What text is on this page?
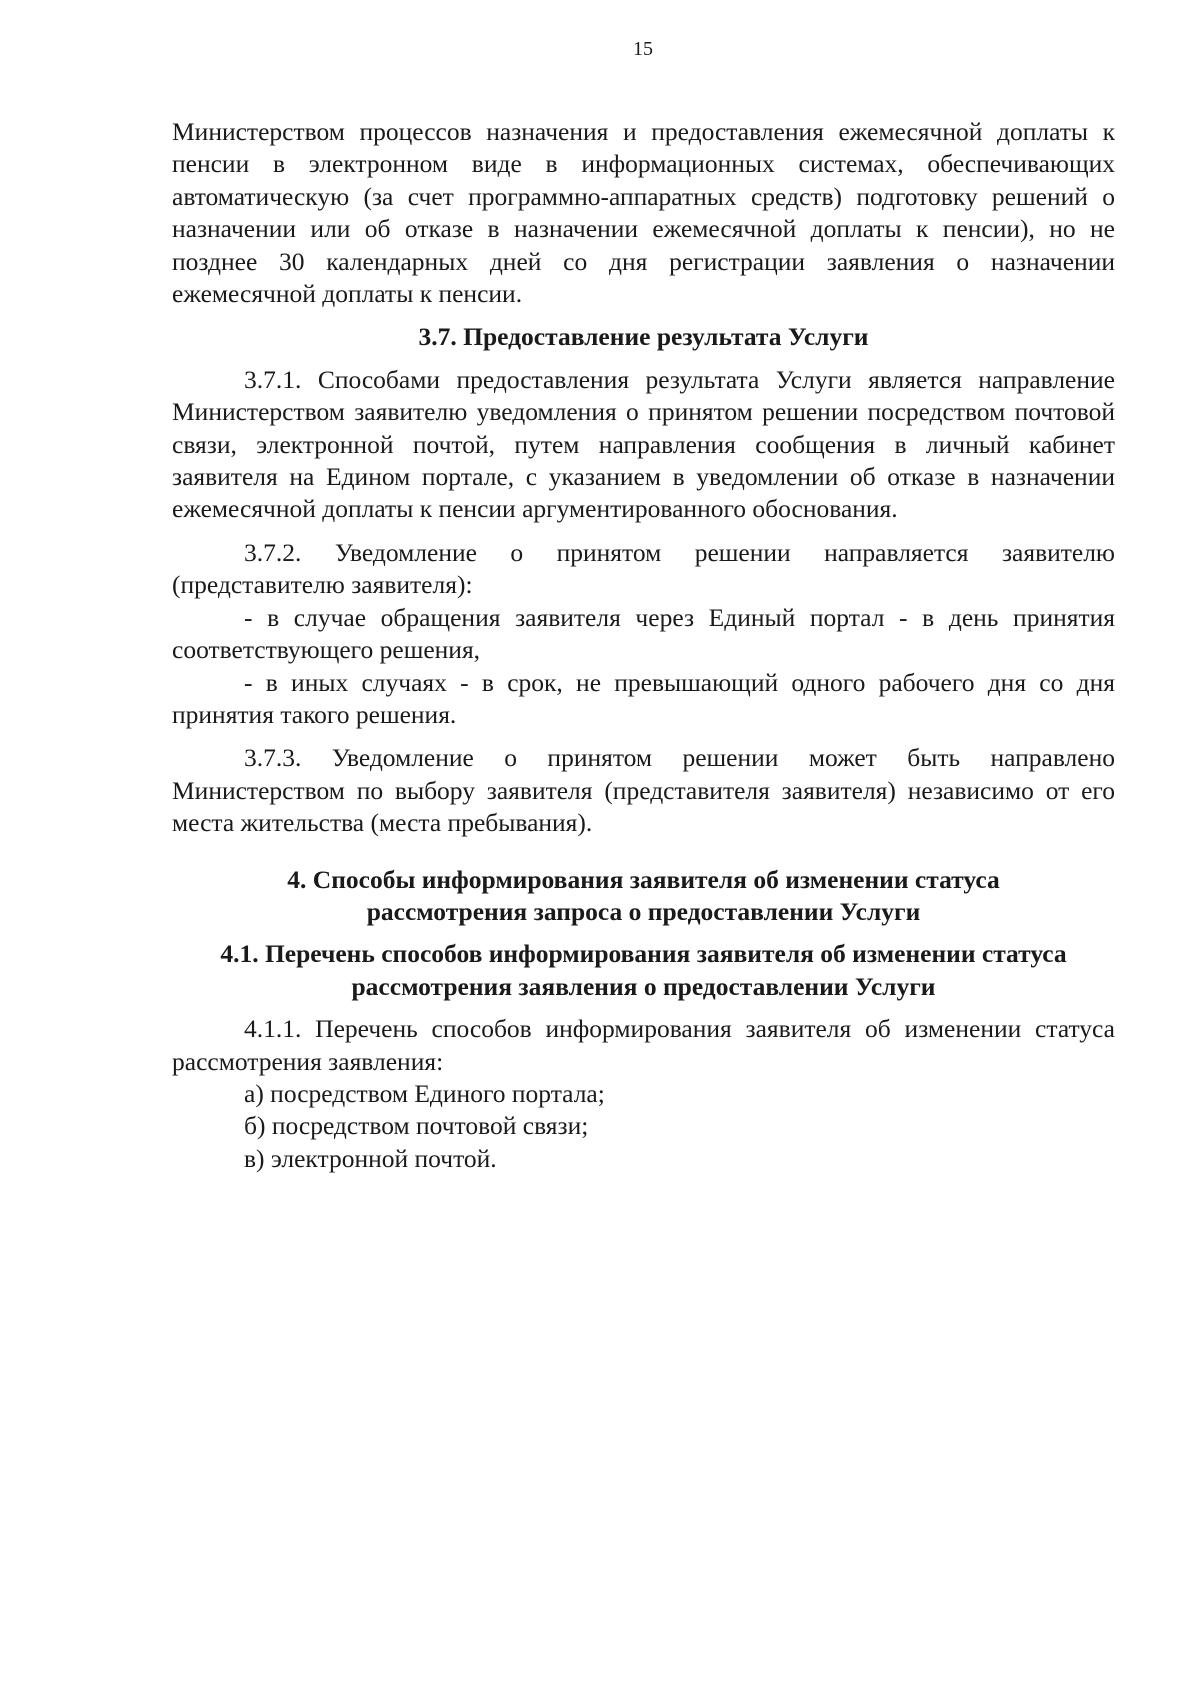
15

Министерством процессов назначения и предоставления ежемесячной доплаты к пенсии в электронном виде в информационных системах, обеспечивающих автоматическую (за счет программно-аппаратных средств) подготовку решений о назначении или об отказе в назначении ежемесячной доплаты к пенсии), но не позднее 30 календарных дней со дня регистрации заявления о назначении ежемесячной доплаты к пенсии.

3.7. Предоставление результата Услуги

3.7.1. Способами предоставления результата Услуги является направление Министерством заявителю уведомления о принятом решении посредством почтовой связи, электронной почтой, путем направления сообщения в личный кабинет заявителя на Едином портале, с указанием в уведомлении об отказе в назначении ежемесячной доплаты к пенсии аргументированного обоснования.

3.7.2. Уведомление о принятом решении направляется заявителю (представителю заявителя):

- в случае обращения заявителя через Единый портал - в день принятия соответствующего решения,

- в иных случаях - в срок, не превышающий одного рабочего дня со дня принятия такого решения.

3.7.3. Уведомление о принятом решении может быть направлено Министерством по выбору заявителя (представителя заявителя) независимо от его места жительства (места пребывания).

4. Способы информирования заявителя об изменении статуса
рассмотрения запроса о предоставлении Услуги
4.1. Перечень способов информирования заявителя об изменении статуса
рассмотрения заявления о предоставлении Услуги

4.1.1. Перечень способов информирования заявителя об изменении статуса рассмотрения заявления:

а) посредством Единого портала;

б) посредством почтовой связи;

в) электронной почтой.
